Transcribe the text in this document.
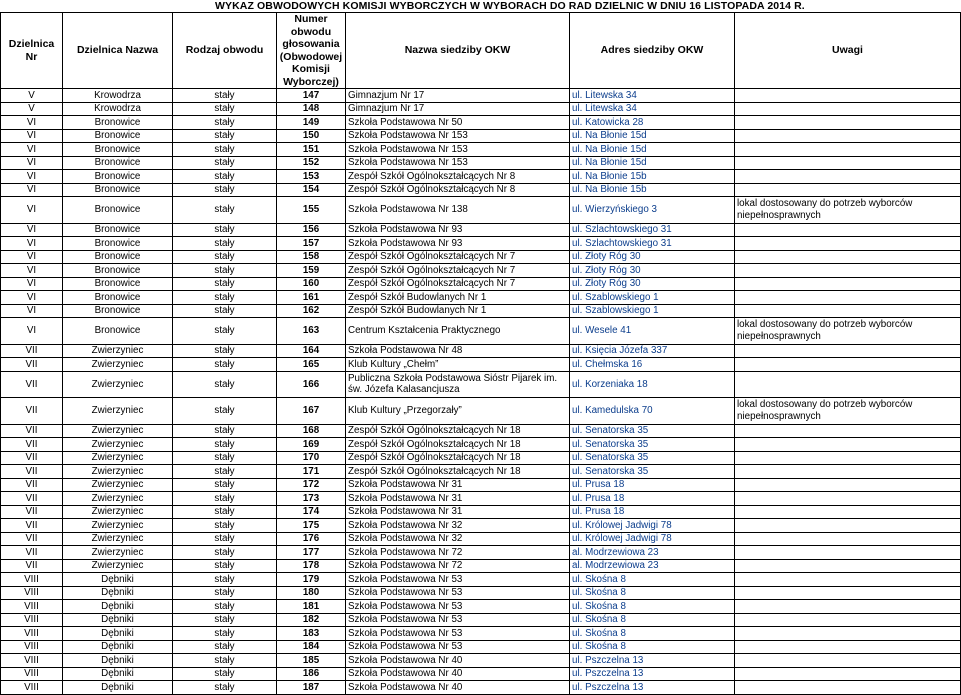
WYKAZ OBWODOWYCH KOMISJI WYBORCZYCH W WYBORACH DO RAD DZIELNIC W DNIU 16 LISTOPADA 2014 R.
Dzielnica Nr	Dzielnica Nazwa	Rodzaj obwodu	Numer obwodu głosowania (Obwodowej Komisji Wyborczej)	Nazwa siedziby OKW	Adres siedziby OKW	Uwagi
V	Krowodrza	stały	147	Gimnazjum Nr 17	ul. Litewska 34	
V	Krowodrza	stały	148	Gimnazjum Nr 17	ul. Litewska 34	
VI	Bronowice	stały	149	Szkoła Podstawowa Nr 50	ul. Katowicka 28	
VI	Bronowice	stały	150	Szkoła Podstawowa Nr 153	ul. Na Błonie 15d	
VI	Bronowice	stały	151	Szkoła Podstawowa Nr 153	ul. Na Błonie 15d	
VI	Bronowice	stały	152	Szkoła Podstawowa Nr 153	ul. Na Błonie 15d	
VI	Bronowice	stały	153	Zespół Szkół Ogólnokształcących Nr 8	ul. Na Błonie 15b	
VI	Bronowice	stały	154	Zespół Szkół Ogólnokształcących Nr 8	ul. Na Błonie 15b	
VI	Bronowice	stały	155	Szkoła Podstawowa Nr 138	ul. Wierzyńskiego 3	lokal dostosowany do potrzeb wyborców niepełnosprawnych
VI	Bronowice	stały	156	Szkoła Podstawowa Nr 93	ul. Szlachtowskiego 31	
VI	Bronowice	stały	157	Szkoła Podstawowa Nr 93	ul. Szlachtowskiego 31	
VI	Bronowice	stały	158	Zespół Szkół Ogólnokształcących Nr 7	ul. Złoty Róg 30	
VI	Bronowice	stały	159	Zespół Szkół Ogólnokształcących Nr 7	ul. Złoty Róg 30	
VI	Bronowice	stały	160	Zespół Szkół Ogólnokształcących Nr 7	ul. Złoty Róg 30	
VI	Bronowice	stały	161	Zespół Szkół Budowlanych Nr 1	ul. Szablowskiego 1	
VI	Bronowice	stały	162	Zespół Szkół Budowlanych Nr 1	ul. Szablowskiego 1	
VI	Bronowice	stały	163	Centrum Kształcenia Praktycznego	ul. Wesele 41	lokal dostosowany do potrzeb wyborców niepełnosprawnych
VII	Zwierzyniec	stały	164	Szkoła Podstawowa Nr 48	ul. Księcia Józefa 337	
VII	Zwierzyniec	stały	165	Klub Kultury „Chełm”	ul. Chełmska 16	
VII	Zwierzyniec	stały	166	Publiczna Szkoła Podstawowa Sióstr Pijarek im. św. Józefa Kalasancjusza	ul. Korzeniaka 18	
VII	Zwierzyniec	stały	167	Klub Kultury „Przegorzały”	ul. Kamedulska 70	lokal dostosowany do potrzeb wyborców niepełnosprawnych
VII	Zwierzyniec	stały	168	Zespół Szkół Ogólnokształcących Nr 18	ul. Senatorska 35	
VII	Zwierzyniec	stały	169	Zespół Szkół Ogólnokształcących Nr 18	ul. Senatorska 35	
VII	Zwierzyniec	stały	170	Zespół Szkół Ogólnokształcących Nr 18	ul. Senatorska 35	
VII	Zwierzyniec	stały	171	Zespół Szkół Ogólnokształcących Nr 18	ul. Senatorska 35	
VII	Zwierzyniec	stały	172	Szkoła Podstawowa Nr 31	ul. Prusa 18	
VII	Zwierzyniec	stały	173	Szkoła Podstawowa Nr 31	ul. Prusa 18	
VII	Zwierzyniec	stały	174	Szkoła Podstawowa Nr 31	ul. Prusa 18	
VII	Zwierzyniec	stały	175	Szkoła Podstawowa Nr 32	ul. Królowej Jadwigi 78	
VII	Zwierzyniec	stały	176	Szkoła Podstawowa Nr 32	ul. Królowej Jadwigi 78	
VII	Zwierzyniec	stały	177	Szkoła Podstawowa Nr 72	al. Modrzewiowa 23	
VII	Zwierzyniec	stały	178	Szkoła Podstawowa Nr 72	al. Modrzewiowa 23	
VIII	Dębniki	stały	179	Szkoła Podstawowa Nr 53	ul. Skośna 8	
VIII	Dębniki	stały	180	Szkoła Podstawowa Nr 53	ul. Skośna 8	
VIII	Dębniki	stały	181	Szkoła Podstawowa Nr 53	ul. Skośna 8	
VIII	Dębniki	stały	182	Szkoła Podstawowa Nr 53	ul. Skośna 8	
VIII	Dębniki	stały	183	Szkoła Podstawowa Nr 53	ul. Skośna 8	
VIII	Dębniki	stały	184	Szkoła Podstawowa Nr 53	ul. Skośna 8	
VIII	Dębniki	stały	185	Szkoła Podstawowa Nr 40	ul. Pszczelna 13	
VIII	Dębniki	stały	186	Szkoła Podstawowa Nr 40	ul. Pszczelna 13	
VIII	Dębniki	stały	187	Szkoła Podstawowa Nr 40	ul. Pszczelna 13	
